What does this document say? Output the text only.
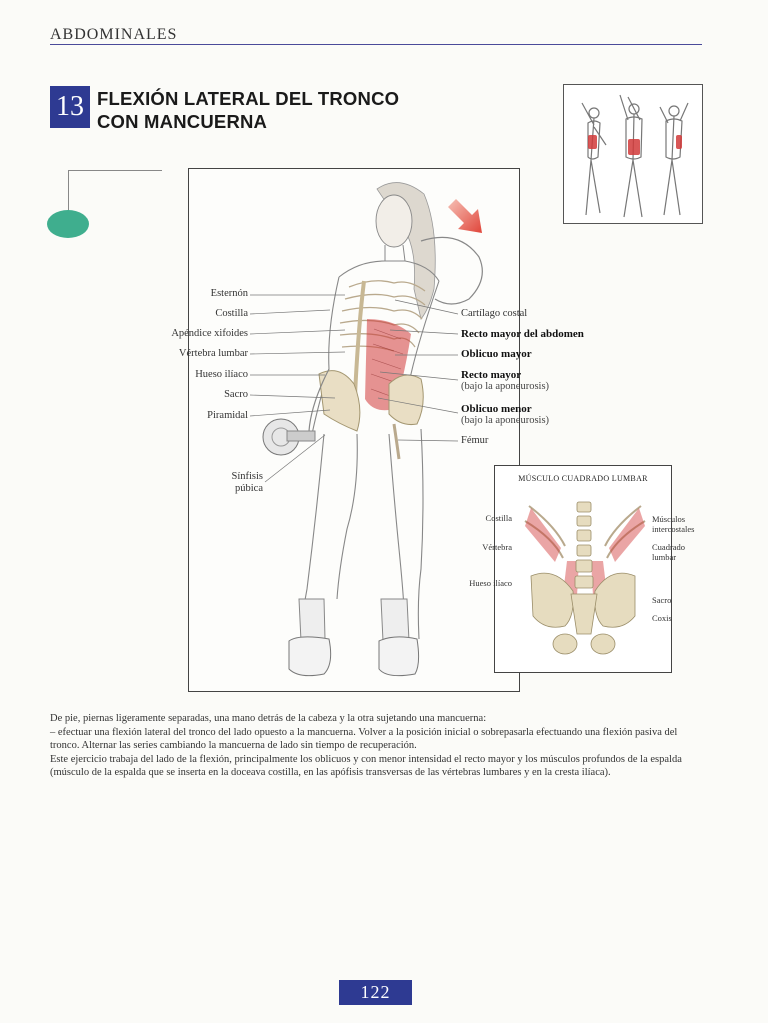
ABDOMINALES
13 FLEXIÓN LATERAL DEL TRONCO
CON MANCUERNA
Esternón
Costilla
Apéndice xifoides
Vértebra lumbar
Hueso ilíaco
Sacro
Piramidal
Sínfisis
púbica
Cartílago costal
Recto mayor del abdomen
Oblicuo mayor
Recto mayor
(bajo la aponeurosis)
Oblicuo menor
(bajo la aponeurosis)
Fémur
MÚSCULO CUADRADO LUMBAR
Costilla
Vértebra
Hueso ilíaco
Músculos
intercostales
Cuadrado
lumbar
Sacro
Coxis

De pie, piernas ligeramente separadas, una mano detrás de la cabeza y la otra sujetando una mancuerna:

– efectuar una flexión lateral del tronco del lado opuesto a la mancuerna. Volver a la posición inicial o sobrepasarla efectuando una flexión pasiva del tronco. Alternar las series cambiando la mancuerna de lado sin tiempo de recuperación.

Este ejercicio trabaja del lado de la flexión, principalmente los oblicuos y con menor intensidad el recto mayor y los músculos profundos de la espalda (músculo de la espalda que se inserta en la doceava costilla, en las apófisis transversas de las vértebras lumbares y en la cresta ilíaca).

122
